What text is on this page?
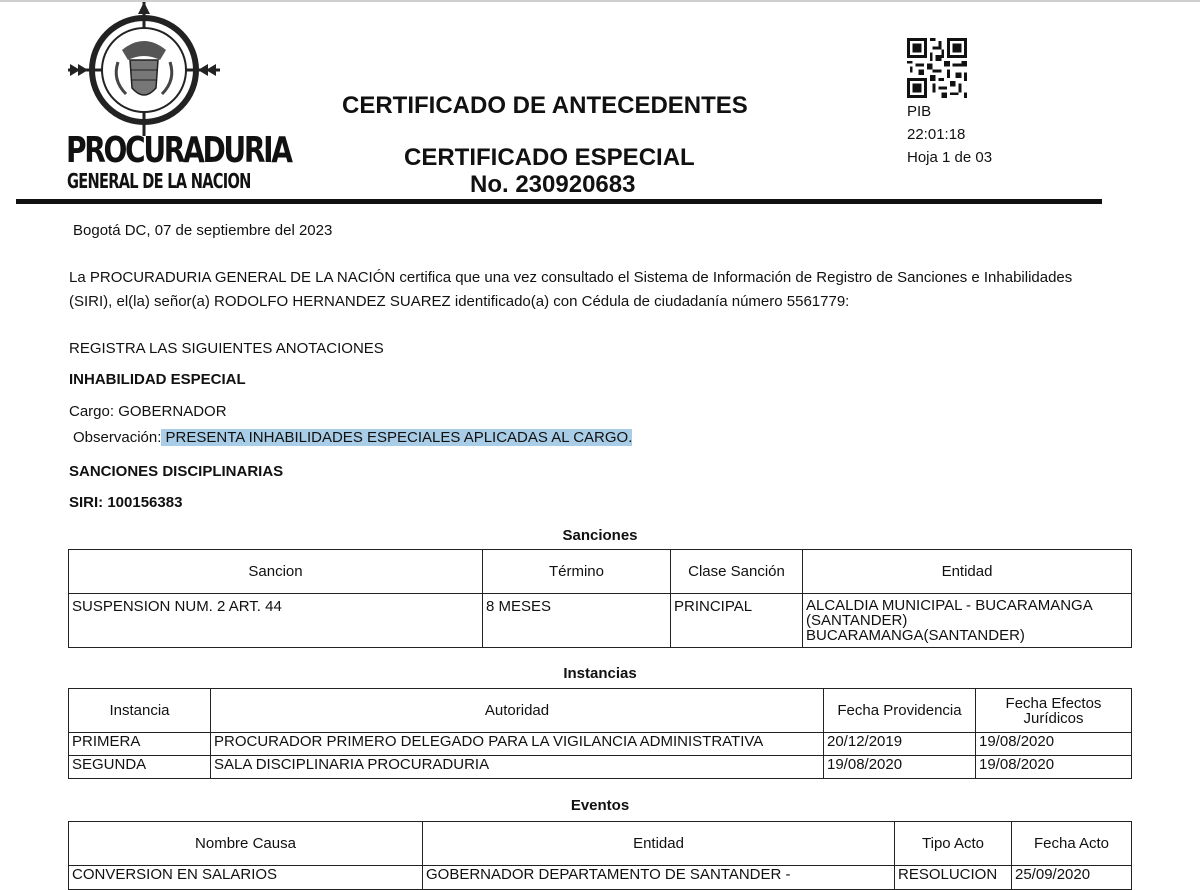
PROCURADURIA
GENERAL DE LA NACION
CERTIFICADO DE ANTECEDENTES
CERTIFICADO ESPECIAL
No. 230920683
PIB
22:01:18
Hoja 1 de 03
Bogotá DC, 07 de septiembre del 2023
La PROCURADURIA GENERAL DE LA NACIÓN certifica que una vez consultado el Sistema de Información de Registro de Sanciones e Inhabilidades
(SIRI), el(la) señor(a) RODOLFO HERNANDEZ SUAREZ identificado(a) con Cédula de ciudadanía número 5561779:
REGISTRA LAS SIGUIENTES ANOTACIONES
INHABILIDAD ESPECIAL
Cargo: GOBERNADOR
Observación: PRESENTA INHABILIDADES ESPECIALES APLICADAS AL CARGO.
SANCIONES DISCIPLINARIAS
SIRI: 100156383
Sanciones
Sancion	Término	Clase Sanción	Entidad
SUSPENSION NUM. 2 ART. 44	8 MESES	PRINCIPAL	ALCALDIA MUNICIPAL - BUCARAMANGA
(SANTANDER)
BUCARAMANGA(SANTANDER)
Instancias
Instancia	Autoridad	Fecha Providencia	Fecha Efectos
Jurídicos

PRIMERA	PROCURADOR PRIMERO DELEGADO PARA LA VIGILANCIA ADMINISTRATIVA	20/12/2019	19/08/2020
SEGUNDA	SALA DISCIPLINARIA PROCURADURIA	19/08/2020	19/08/2020
Eventos
Nombre Causa	Entidad	Tipo Acto	Fecha Acto
CONVERSION EN SALARIOS	GOBERNADOR DEPARTAMENTO DE SANTANDER -	RESOLUCION	25/09/2020
